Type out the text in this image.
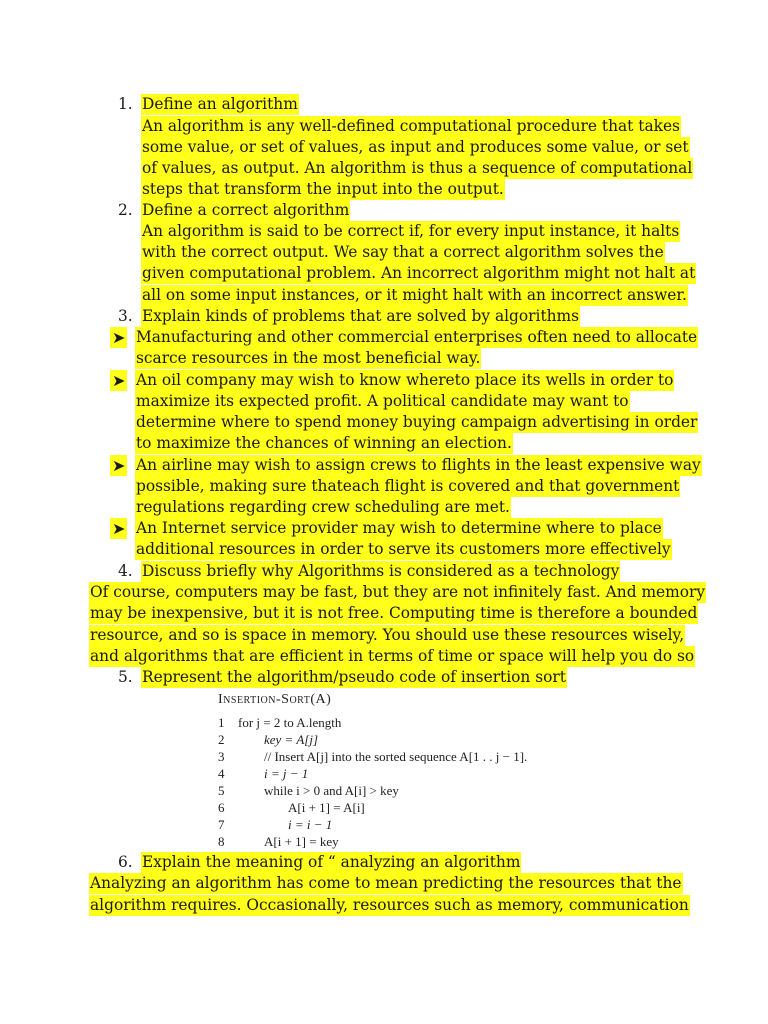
1. Define an algorithm
An algorithm is any well-defined computational procedure that takes
some value, or set of values, as input and produces some value, or set
of values, as output. An algorithm is thus a sequence of computational
steps that transform the input into the output.
2. Define a correct algorithm
An algorithm is said to be correct if, for every input instance, it halts
with the correct output. We say that a correct algorithm solves the
given computational problem. An incorrect algorithm might not halt at
all on some input instances, or it might halt with an incorrect answer.
3. Explain kinds of problems that are solved by algorithms
➤ Manufacturing and other commercial enterprises often need to allocate
scarce resources in the most beneficial way.
➤ An oil company may wish to know whereto place its wells in order to
maximize its expected profit. A political candidate may want to
determine where to spend money buying campaign advertising in order
to maximize the chances of winning an election.
➤ An airline may wish to assign crews to flights in the least expensive way
possible, making sure thateach flight is covered and that government
regulations regarding crew scheduling are met.
➤ An Internet service provider may wish to determine where to place
additional resources in order to serve its customers more effectively
4. Discuss briefly why Algorithms is considered as a technology
Of course, computers may be fast, but they are not infinitely fast. And memory
may be inexpensive, but it is not free. Computing time is therefore a bounded
resource, and so is space in memory. You should use these resources wisely,
and algorithms that are efficient in terms of time or space will help you do so
5. Represent the algorithm/pseudo code of insertion sort
Insertion-Sort(A)
1 for j = 2 to A.length
2	key = A[j]
3	// Insert A[j] into the sorted sequence A[1 . . j − 1].
4	i = j − 1
5	while i > 0 and A[i] > key
6	A[i + 1] = A[i]
7	i = i − 1
8	A[i + 1] = key
6. Explain the meaning of “ analyzing an algorithm
Analyzing an algorithm has come to mean predicting the resources that the
algorithm requires. Occasionally, resources such as memory, communication
